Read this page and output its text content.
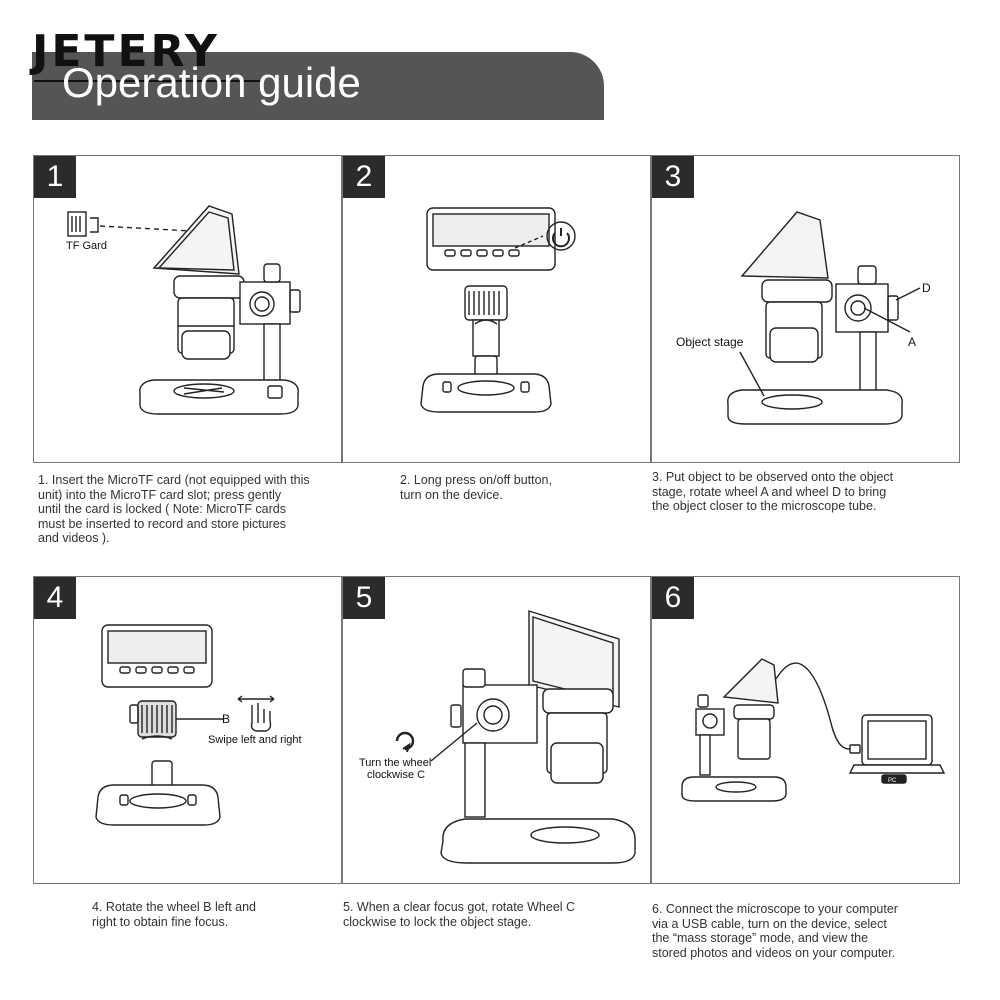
JETERY
Operation guide
TF Gard
1	2
Object stage	A
D
3
B
Swipe left and right
4
Turn the wheel
clockwise C
5
PC
6
1. Insert the MicroTF card (not equipped with this
unit) into the MicroTF card slot; press gently
until the card is locked ( Note: MicroTF cards
must be inserted to record and store pictures
and videos ).
2. Long press on/off button,
turn on the device.
3. Put object to be observed onto the object
stage, rotate wheel A and wheel D to bring
the object closer to the microscope tube.
4. Rotate the wheel B left and
right to obtain fine focus.
5. When a clear focus got, rotate Wheel C
clockwise to lock the object stage.
6. Connect the microscope to your computer
via a USB cable, turn on the device, select
the “mass storage” mode, and view the
stored photos and videos on your computer.
